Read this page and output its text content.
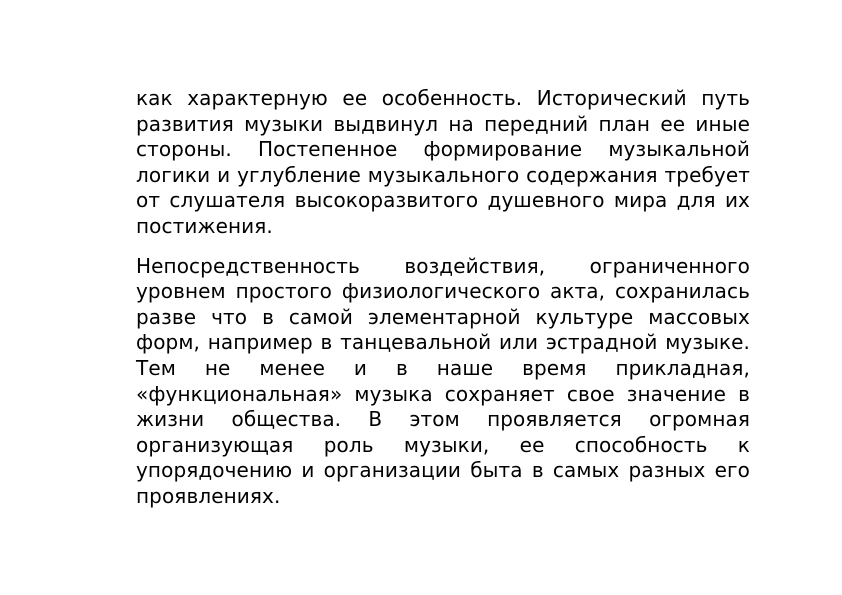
как характерную ее особенность. Исторический путь развития музыки выдвинул на передний план ее иные стороны. Постепенное формирование музыкальной логики и углубление музыкального содержания требует от слушателя высокоразвитого душевного мира для их постижения.

Непосредственность воздействия, ограниченного уровнем простого физиологического акта, сохранилась разве что в самой элементарной культуре массовых форм, например в танцевальной или эстрадной музыке. Тем не менее и в наше время прикладная, «функциональная» музыка сохраняет свое значение в жизни общества. В этом проявляется огромная организующая роль музыки, ее способность к упорядочению и организации быта в самых разных его проявлениях.
